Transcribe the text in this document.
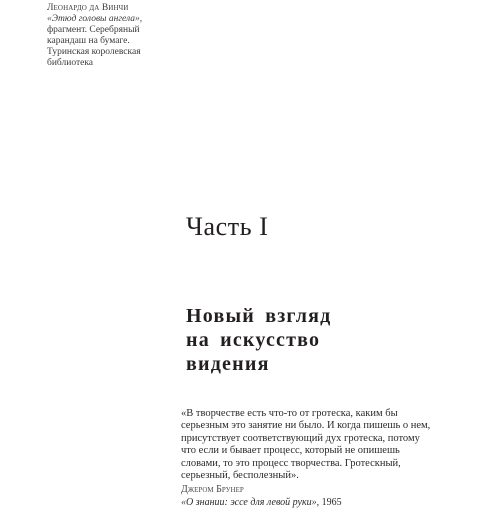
Леонардо да Винчи
«Этюд головы ангела»,
фрагмент. Серебряный
карандаш на бумаге.
Туринская королевская
библиотека
Часть I
Новый взгляд
на искусство
видения
«В творчестве есть что-то от гротеска, каким бы
серьезным это занятие ни было. И когда пишешь о нем,
присутствует соответствующий дух гротеска, потому
что если и бывает процесс, который не опишешь
словами, то это процесс творчества. Гротескный,
серьезный, бесполезный».
Джером Брунер
«О знании: эссе для левой руки», 1965
